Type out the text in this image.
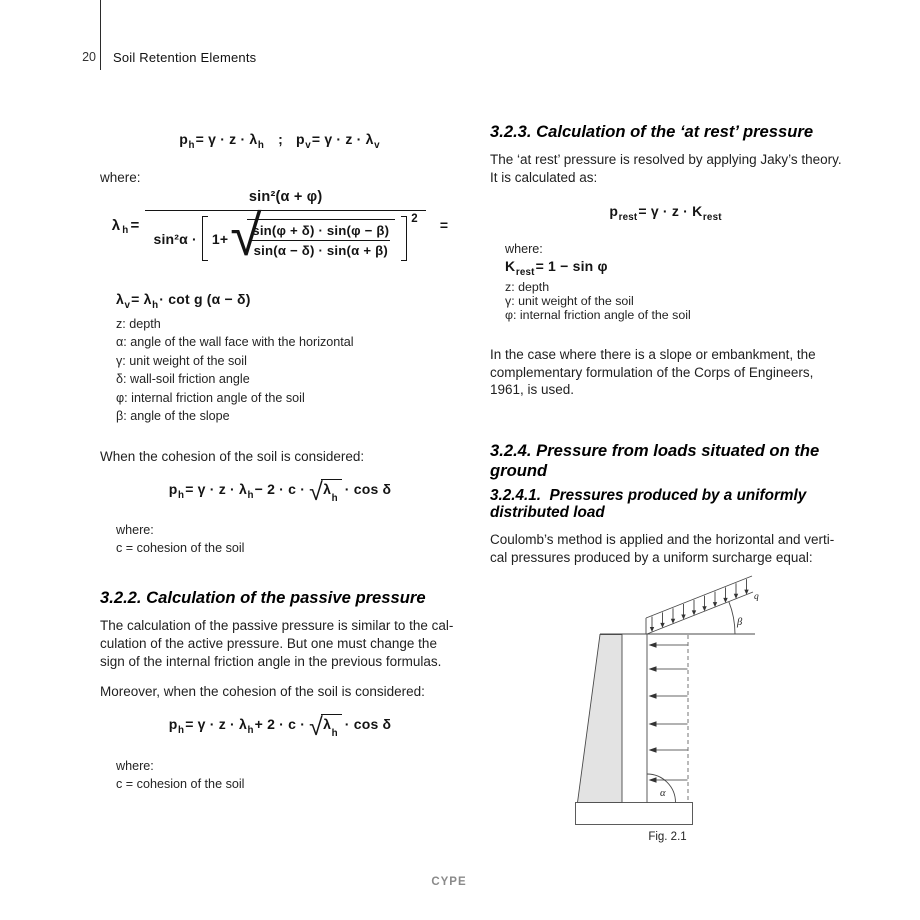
20 Soil Retention Elements
$p_h = \gamma \cdot z \cdot \lambda_h$ ; $p_v = \gamma \cdot z \cdot \lambda_v$
where:
$\lambda_h$ =
sin²(α + φ)
sin²α · 1+ √
$\frac{\sin(\varphi + \delta) \cdot \sin(\varphi - \beta)}{\sin(\alpha - \delta) \cdot \sin(\alpha + \beta)}$
$^2$ =
$\lambda_v = \lambda_h \cdot \cot g$ (α − δ)
z: depth
α: angle of the wall face with the horizontal
γ: unit weight of the soil
δ: wall-soil friction angle
φ: internal friction angle of the soil
β: angle of the slope
When the cohesion of the soil is considered:
$p_h = \gamma \cdot z \cdot \lambda_h - 2 \cdot c$ · √ $\lambda_h$
· cos δ
where:
c = cohesion of the soil
3.2.2. Calculation of the passive pressure
The calculation of the passive pressure is similar to the cal-
culation of the active pressure. But one must change the
sign of the internal friction angle in the previous formulas.
Moreover, when the cohesion of the soil is considered:
$p_h = \gamma \cdot z \cdot \lambda_h + 2 \cdot c$ · √ $\lambda_h$
· cos δ
where:
c = cohesion of the soil
3.2.3. Calculation of the ‘at rest’ pressure
The ‘at rest’ pressure is resolved by applying Jaky’s theory.
It is calculated as:
$p_{rest} = \gamma \cdot z \cdot K_{rest}$
where:
$K_{rest} = 1 - \sin \varphi$
z: depth
γ: unit weight of the soil
φ: internal friction angle of the soil
In the case where there is a slope or embankment, the
complementary formulation of the Corps of Engineers,
1961, is used.
3.2.4. Pressure from loads situated on the
ground
3.2.4.1.  Pressures produced by a uniformly
distributed load
Coulomb’s method is applied and the horizontal and verti-
cal pressures produced by a uniform surcharge equal:
q
β
α
Fig. 2.1
CYPE
